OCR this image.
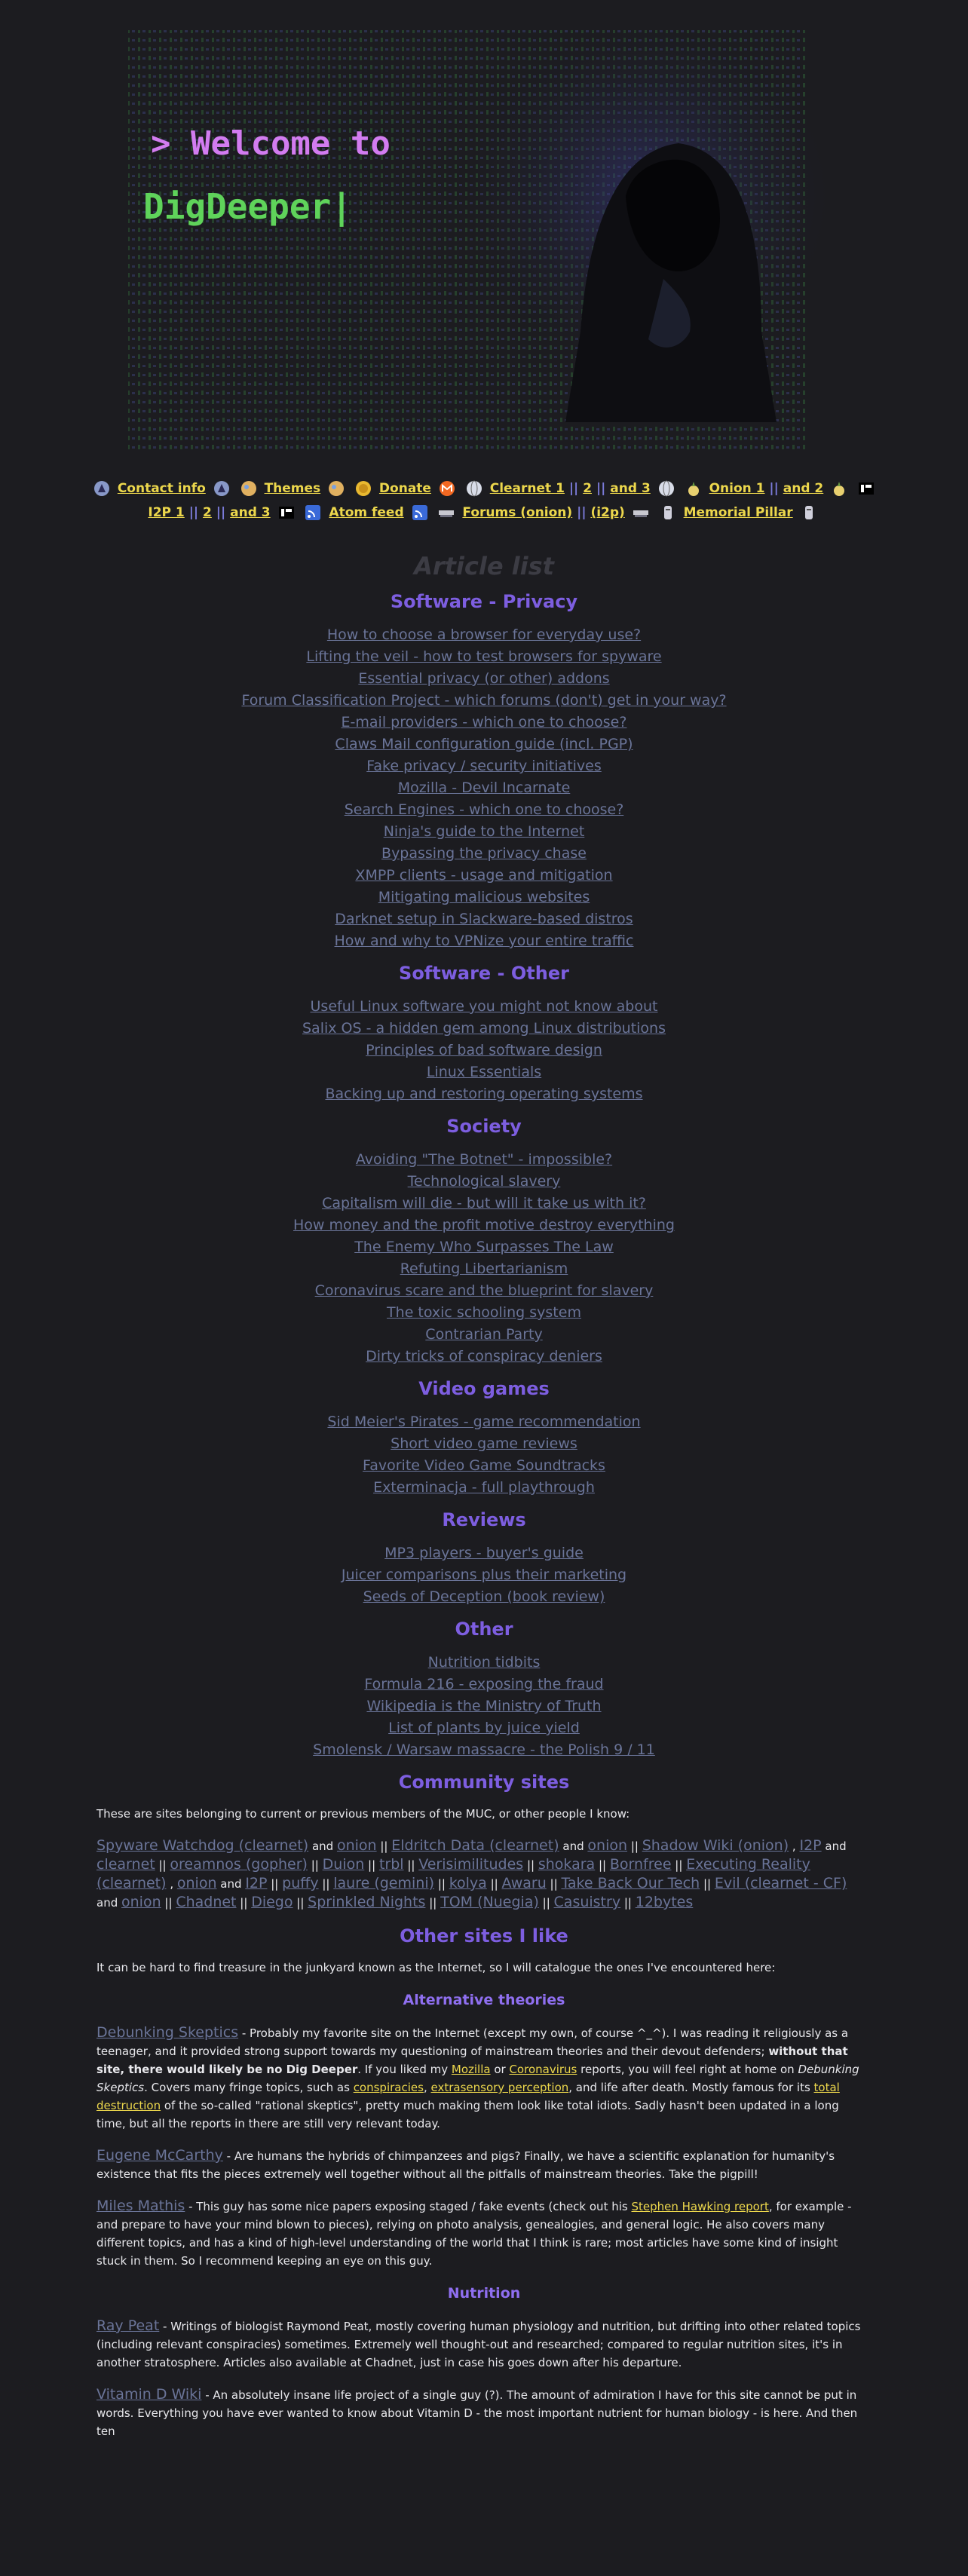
> Welcome to
DigDeeper|
Contact info	Themes	Donate	Clearnet 1 || 2 || and 3	Onion 1 || and 2
I2P 1 || 2 || and 3	Atom feed	Forums (onion) || (i2p)	Memorial Pillar
Article list
Software - Privacy
How to choose a browser for everyday use?
Lifting the veil - how to test browsers for spyware
Essential privacy (or other) addons
Forum Classification Project - which forums (don't) get in your way?
E-mail providers - which one to choose?
Claws Mail configuration guide (incl. PGP)
Fake privacy / security initiatives
Mozilla - Devil Incarnate
Search Engines - which one to choose?
Ninja's guide to the Internet
Bypassing the privacy chase
XMPP clients - usage and mitigation
Mitigating malicious websites
Darknet setup in Slackware-based distros
How and why to VPNize your entire traffic
Software - Other
Useful Linux software you might not know about
Salix OS - a hidden gem among Linux distributions
Principles of bad software design
Linux Essentials
Backing up and restoring operating systems
Society
Avoiding "The Botnet" - impossible?
Technological slavery
Capitalism will die - but will it take us with it?
How money and the profit motive destroy everything
The Enemy Who Surpasses The Law
Refuting Libertarianism
Coronavirus scare and the blueprint for slavery
The toxic schooling system
Contrarian Party
Dirty tricks of conspiracy deniers
Video games
Sid Meier's Pirates - game recommendation
Short video game reviews
Favorite Video Game Soundtracks
Exterminacja - full playthrough
Reviews
MP3 players - buyer's guide
Juicer comparisons plus their marketing
Seeds of Deception (book review)
Other
Nutrition tidbits
Formula 216 - exposing the fraud
Wikipedia is the Ministry of Truth
List of plants by juice yield
Smolensk / Warsaw massacre - the Polish 9 / 11
Community sites

These are sites belonging to current or previous members of the MUC, or other people I know:

Spyware Watchdog (clearnet) and onion || Eldritch Data (clearnet) and onion || Shadow Wiki (onion) , I2P and clearnet || oreamnos (gopher) || Duion || trbl || Verisimilitudes || shokara || Bornfree || Executing Reality (clearnet) , onion and I2P || puffy || laure (gemini) || kolya || Awaru || Take Back Our Tech || Evil (clearnet - CF) and onion || Chadnet || Diego || Sprinkled Nights || TOM (Nuegia) || Casuistry || 12bytes

Other sites I like

It can be hard to find treasure in the junkyard known as the Internet, so I will catalogue the ones I've encountered here:

Alternative theories

Debunking Skeptics - Probably my favorite site on the Internet (except my own, of course ^_^). I was reading it religiously as a teenager, and it provided strong support towards my questioning of mainstream theories and their devout defenders; without that site, there would likely be no Dig Deeper. If you liked my Mozilla or Coronavirus reports, you will feel right at home on Debunking Skeptics. Covers many fringe topics, such as conspiracies, extrasensory perception, and life after death. Mostly famous for its total destruction of the so-called "rational skeptics", pretty much making them look like total idiots. Sadly hasn't been updated in a long time, but all the reports in there are still very relevant today.

Eugene McCarthy - Are humans the hybrids of chimpanzees and pigs? Finally, we have a scientific explanation for humanity's existence that fits the pieces extremely well together without all the pitfalls of mainstream theories. Take the pigpill!

Miles Mathis - This guy has some nice papers exposing staged / fake events (check out his Stephen Hawking report, for example - and prepare to have your mind blown to pieces), relying on photo analysis, genealogies, and general logic. He also covers many different topics, and has a kind of high-level understanding of the world that I think is rare; most articles have some kind of insight stuck in them. So I recommend keeping an eye on this guy.

Nutrition

Ray Peat - Writings of biologist Raymond Peat, mostly covering human physiology and nutrition, but drifting into other related topics (including relevant conspiracies) sometimes. Extremely well thought-out and researched; compared to regular nutrition sites, it's in another stratosphere. Articles also available at Chadnet, just in case his goes down after his departure.

Vitamin D Wiki - An absolutely insane life project of a single guy (?). The amount of admiration I have for this site cannot be put in words. Everything you have ever wanted to know about Vitamin D - the most important nutrient for human biology - is here. And then ten
